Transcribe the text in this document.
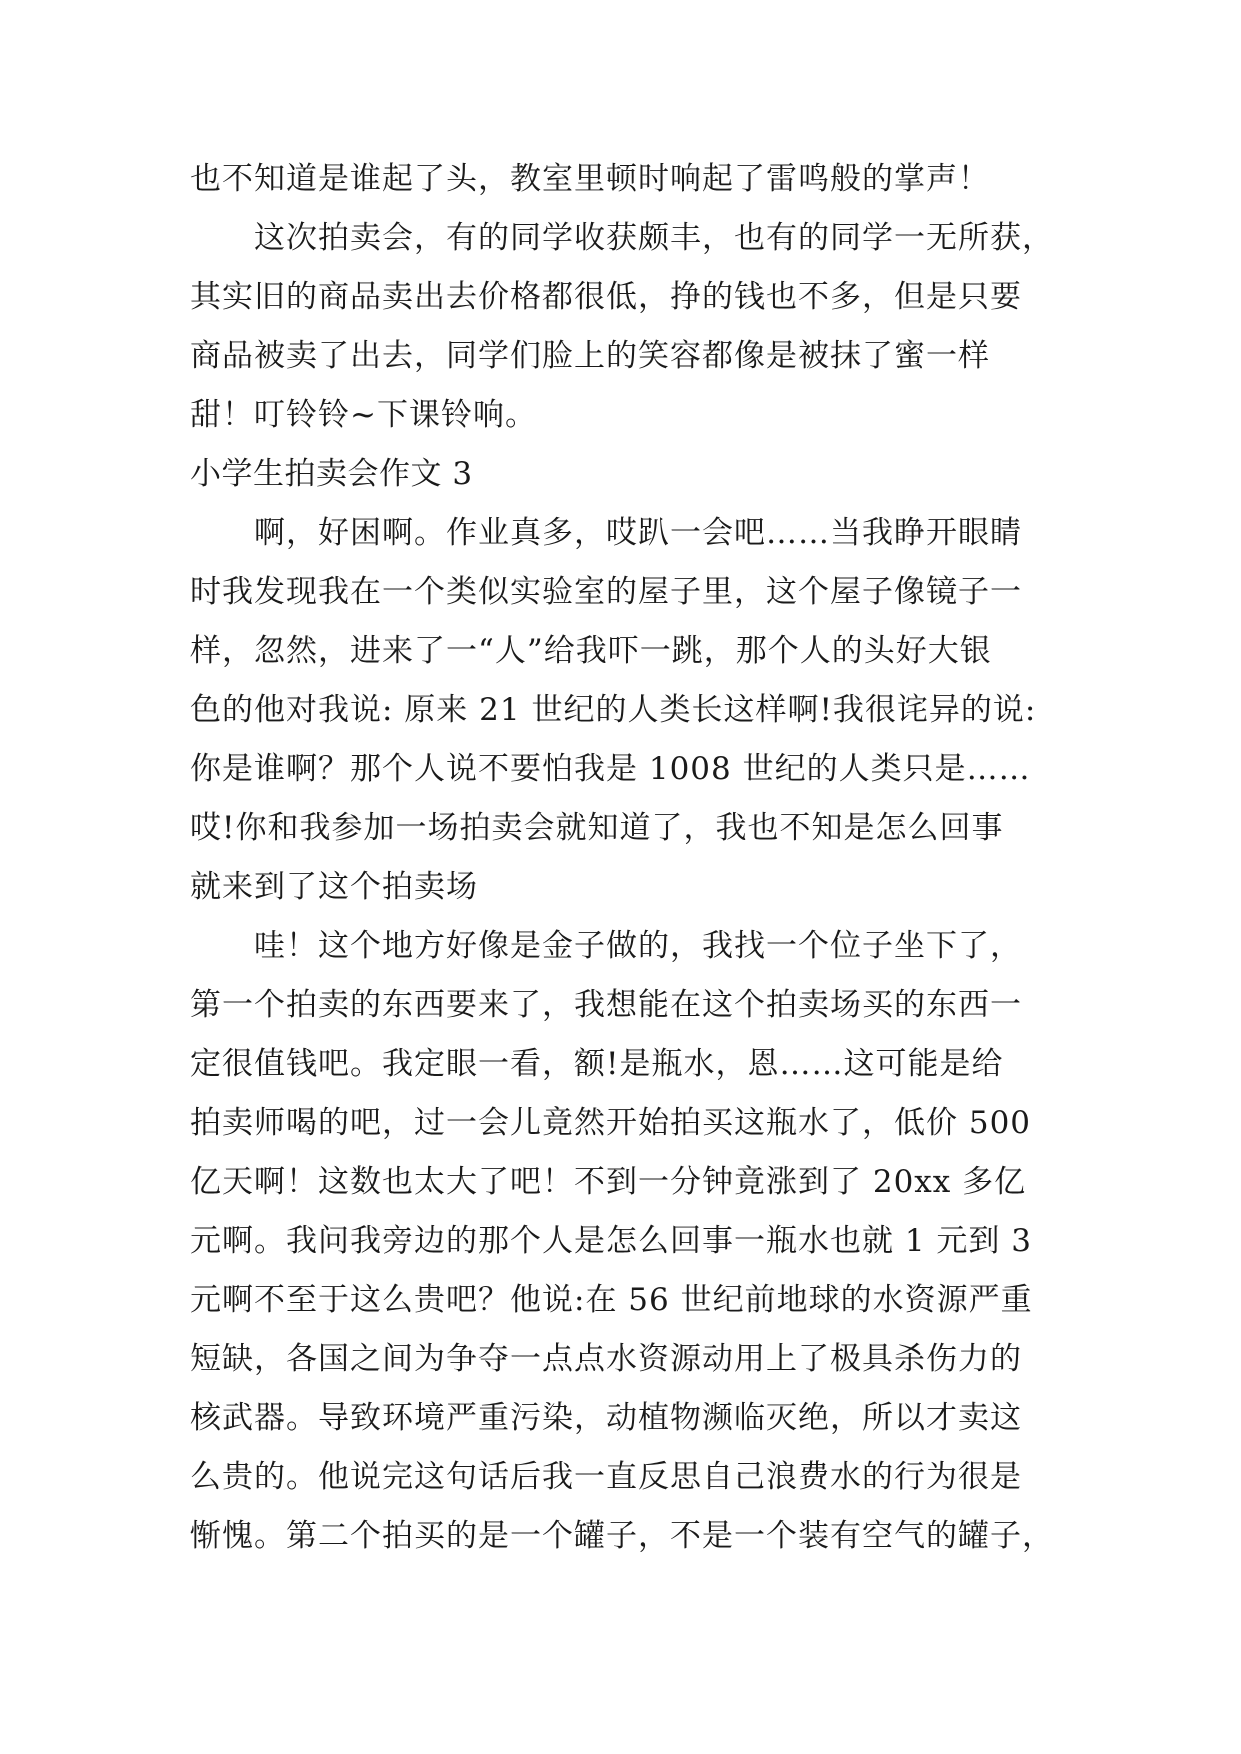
也不知道是谁起了头，教室里顿时响起了雷鸣般的掌声！
这次拍卖会，有的同学收获颇丰，也有的同学一无所获，
其实旧的商品卖出去价格都很低，挣的钱也不多，但是只要
商品被卖了出去，同学们脸上的笑容都像是被抹了蜜一样
甜！叮铃铃~下课铃响。
小学生拍卖会作文 3
啊，好困啊。作业真多，哎趴一会吧……当我睁开眼睛
时我发现我在一个类似实验室的屋子里，这个屋子像镜子一
样，忽然，进来了一“人”给我吓一跳，那个人的头好大银
色的他对我说: 原来 21 世纪的人类长这样啊!我很诧异的说:
你是谁啊？那个人说不要怕我是 1008 世纪的人类只是……
哎!你和我参加一场拍卖会就知道了，我也不知是怎么回事
就来到了这个拍卖场
哇！这个地方好像是金子做的，我找一个位子坐下了，
第一个拍卖的东西要来了，我想能在这个拍卖场买的东西一
定很值钱吧。我定眼一看，额!是瓶水，恩……这可能是给
拍卖师喝的吧，过一会儿竟然开始拍买这瓶水了，低价 500
亿天啊！这数也太大了吧！不到一分钟竟涨到了 20xx 多亿
元啊。我问我旁边的那个人是怎么回事一瓶水也就 1 元到 3
元啊不至于这么贵吧？他说:在 56 世纪前地球的水资源严重
短缺，各国之间为争夺一点点水资源动用上了极具杀伤力的
核武器。导致环境严重污染，动植物濒临灭绝，所以才卖这
么贵的。他说完这句话后我一直反思自己浪费水的行为很是
惭愧。第二个拍买的是一个罐子，不是一个装有空气的罐子，
